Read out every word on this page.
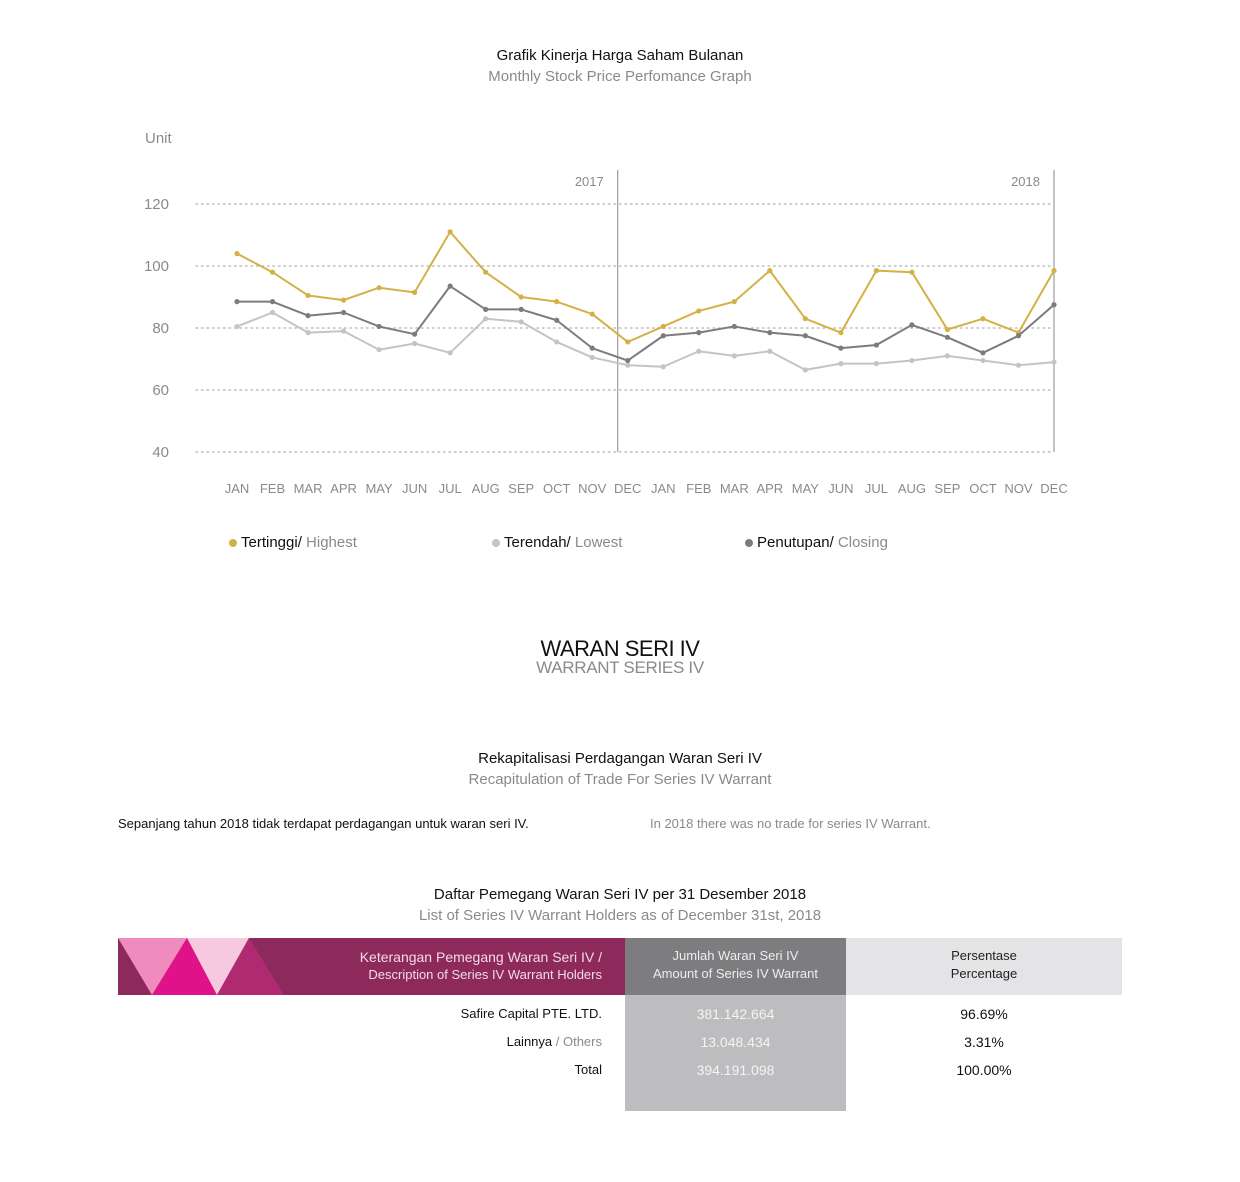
Grafik Kinerja Harga Saham Bulanan
Monthly Stock Price Perfomance Graph
Unit
40
60
80
100
120
2017	2018
JAN FEB MAR APR MAY JUN JUL AUG SEP OCT NOV DEC JAN FEB MAR APR MAY JUN JUL AUG SEP OCT NOV DEC
Tertinggi/ Highest	Terendah/ Lowest	Penutupan/ Closing
WARAN SERI IV
WARRANT SERIES IV
Rekapitalisasi Perdagangan Waran Seri IV
Recapitulation of Trade For Series IV Warrant
Sepanjang tahun 2018 tidak terdapat perdagangan untuk waran seri IV.	In 2018 there was no trade for series IV Warrant.
Daftar Pemegang Waran Seri IV per 31 Desember 2018
List of Series IV Warrant Holders as of December 31st, 2018
Keterangan Pemegang Waran Seri IV /
Description of Series IV Warrant Holders
Jumlah Waran Seri IV
Amount of Series IV Warrant
Persentase
Percentage
Safire Capital PTE. LTD.	381.142.664	96.69%
Lainnya / Others	13.048.434	3.31%
Total	394.191.098	100.00%
